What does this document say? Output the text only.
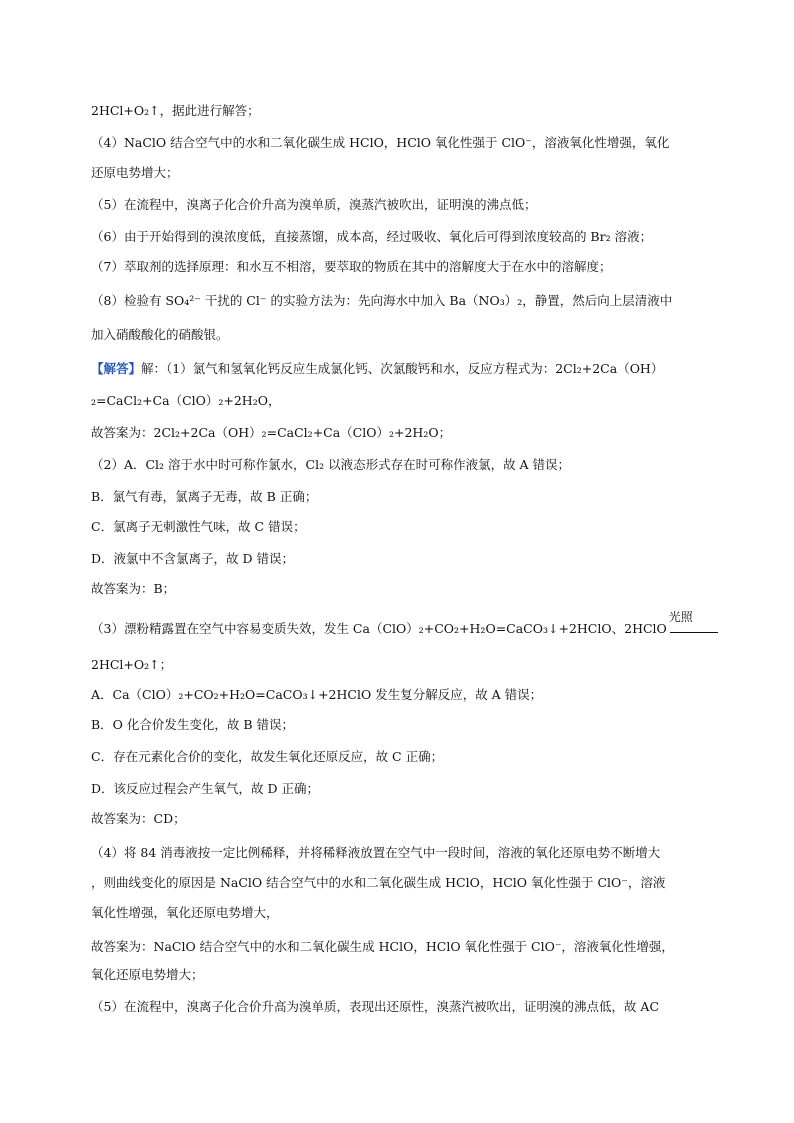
2HCl+O₂↑，据此进行解答；
（4）NaClO 结合空气中的水和二氧化碳生成 HClO，HClO 氧化性强于 ClO⁻，溶液氧化性增强，氧化
还原电势增大；
（5）在流程中，溴离子化合价升高为溴单质，溴蒸汽被吹出，证明溴的沸点低；
（6）由于开始得到的溴浓度低，直接蒸馏，成本高，经过吸收、氧化后可得到浓度较高的 Br₂ 溶液；
（7）萃取剂的选择原理：和水互不相溶，要萃取的物质在其中的溶解度大于在水中的溶解度；
（8）检验有 SO₄²⁻ 干扰的 Cl⁻ 的实验方法为：先向海水中加入 Ba（NO₃）₂，静置，然后向上层清液中
加入硝酸酸化的硝酸银。
【解答】解：（1）氯气和氢氧化钙反应生成氯化钙、次氯酸钙和水，反应方程式为：2Cl₂+2Ca（OH）
₂=CaCl₂+Ca（ClO）₂+2H₂O，
故答案为：2Cl₂+2Ca（OH）₂=CaCl₂+Ca（ClO）₂+2H₂O；
（2）A．Cl₂ 溶于水中时可称作氯水，Cl₂ 以液态形式存在时可称作液氯，故 A 错误；
B．氯气有毒，氯离子无毒，故 B 正确；
C．氯离子无刺激性气味，故 C 错误；
D．液氯中不含氯离子，故 D 错误；
故答案为：B；
（3）漂粉精露置在空气中容易变质失效，发生 Ca（ClO）₂+CO₂+H₂O=CaCO₃↓+2HClO、2HClO
光照
2HCl+O₂↑；
A．Ca（ClO）₂+CO₂+H₂O=CaCO₃↓+2HClO 发生复分解反应，故 A 错误；
B．O 化合价发生变化，故 B 错误；
C．存在元素化合价的变化，故发生氧化还原反应，故 C 正确；
D．该反应过程会产生氧气，故 D 正确；
故答案为：CD；
（4）将 84 消毒液按一定比例稀释，并将稀释液放置在空气中一段时间，溶液的氧化还原电势不断增大
，则曲线变化的原因是 NaClO 结合空气中的水和二氧化碳生成 HClO，HClO 氧化性强于 ClO⁻，溶液
氧化性增强，氧化还原电势增大，
故答案为：NaClO 结合空气中的水和二氧化碳生成 HClO，HClO 氧化性强于 ClO⁻，溶液氧化性增强，
氧化还原电势增大；
（5）在流程中，溴离子化合价升高为溴单质，表现出还原性，溴蒸汽被吹出，证明溴的沸点低，故 AC
